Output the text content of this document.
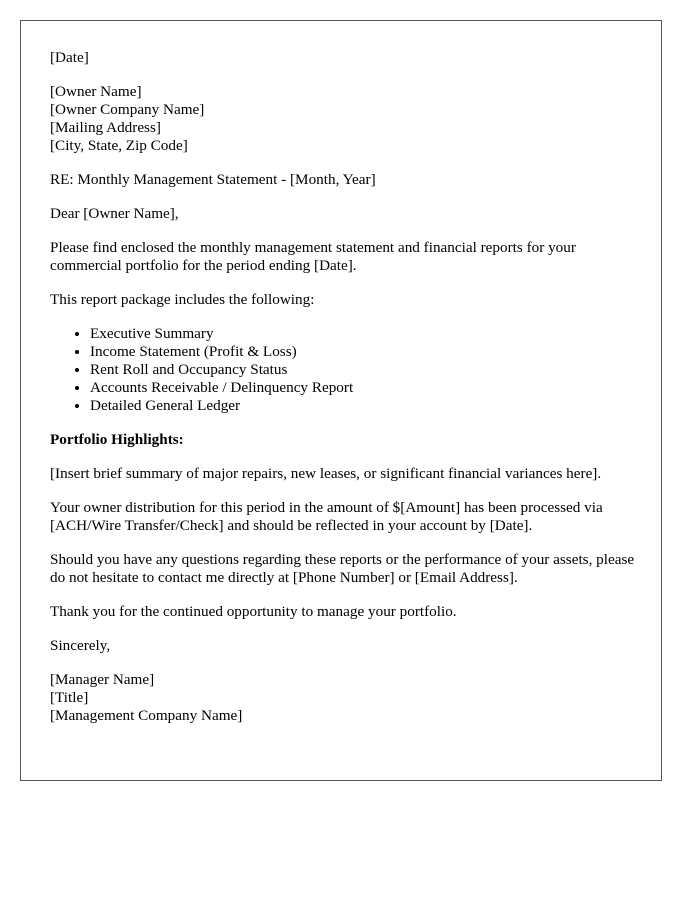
[Date]

[Owner Name]
[Owner Company Name]
[Mailing Address]
[City, State, Zip Code]

RE: Monthly Management Statement - [Month, Year]

Dear [Owner Name],

Please find enclosed the monthly management statement and financial reports for your commercial portfolio for the period ending [Date].

This report package includes the following:

• Executive Summary
• Income Statement (Profit & Loss)
• Rent Roll and Occupancy Status
• Accounts Receivable / Delinquency Report
• Detailed General Ledger

Portfolio Highlights:

[Insert brief summary of major repairs, new leases, or significant financial variances here].

Your owner distribution for this period in the amount of $[Amount] has been processed via [ACH/Wire Transfer/Check] and should be reflected in your account by [Date].

Should you have any questions regarding these reports or the performance of your assets, please do not hesitate to contact me directly at [Phone Number] or [Email Address].

Thank you for the continued opportunity to manage your portfolio.

Sincerely,

[Manager Name]
[Title]
[Management Company Name]
